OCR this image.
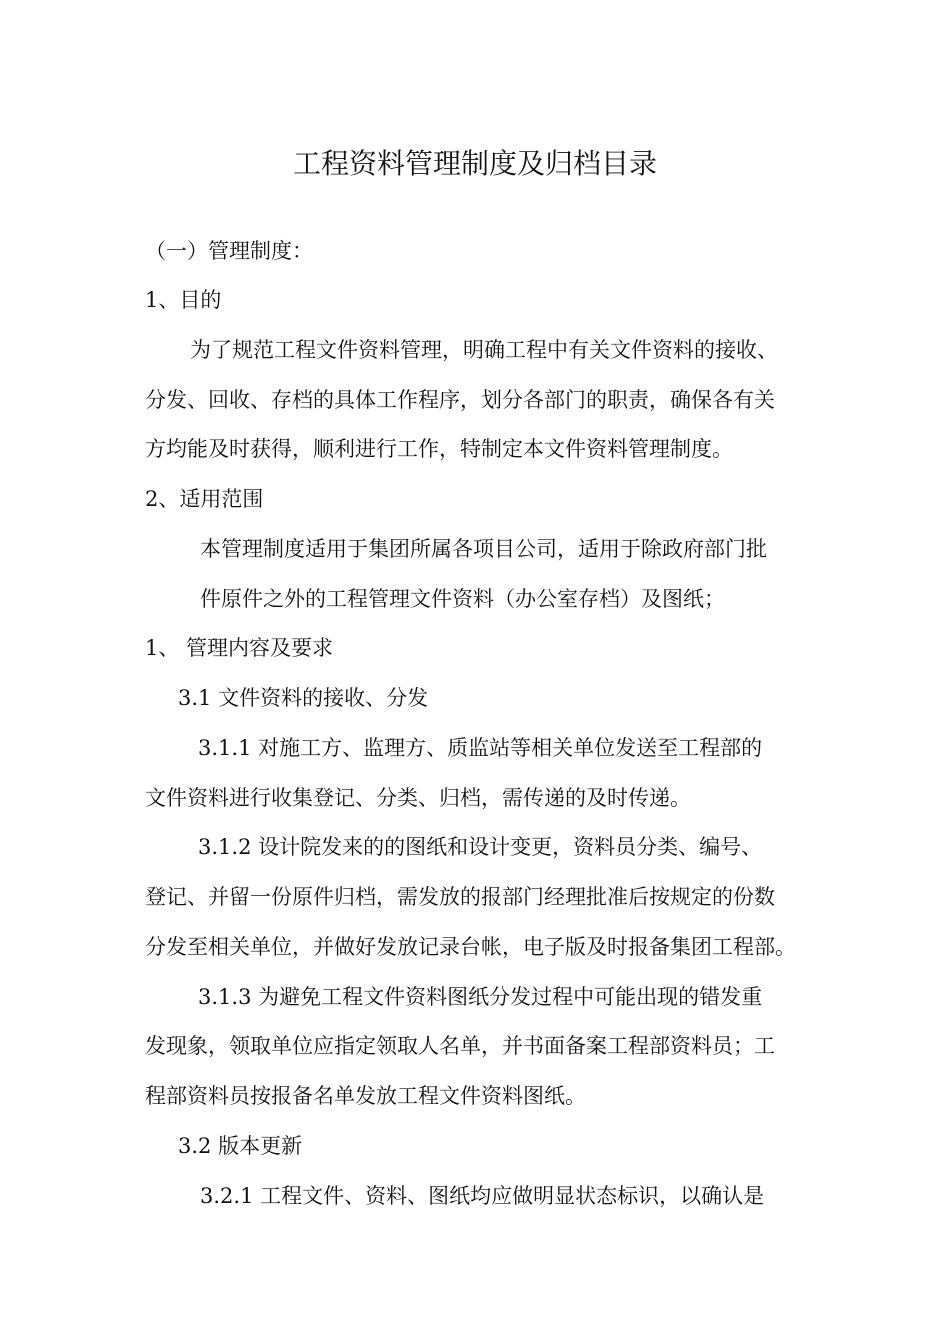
工程资料管理制度及归档目录
（一）管理制度：
1、目的
为了规范工程文件资料管理，明确工程中有关文件资料的接收、
分发、回收、存档的具体工作程序，划分各部门的职责，确保各有关
方均能及时获得，顺利进行工作，特制定本文件资料管理制度。
2、适用范围
本管理制度适用于集团所属各项目公司，适用于除政府部门批
件原件之外的工程管理文件资料（办公室存档）及图纸；
1、 管理内容及要求
3.1 文件资料的接收、分发
3.1.1 对施工方、监理方、质监站等相关单位发送至工程部的
文件资料进行收集登记、分类、归档，需传递的及时传递。
3.1.2 设计院发来的的图纸和设计变更，资料员分类、编号、
登记、并留一份原件归档，需发放的报部门经理批准后按规定的份数
分发至相关单位，并做好发放记录台帐，电子版及时报备集团工程部。
3.1.3 为避免工程文件资料图纸分发过程中可能出现的错发重
发现象，领取单位应指定领取人名单，并书面备案工程部资料员；工
程部资料员按报备名单发放工程文件资料图纸。
3.2 版本更新
3.2.1 工程文件、资料、图纸均应做明显状态标识，以确认是
